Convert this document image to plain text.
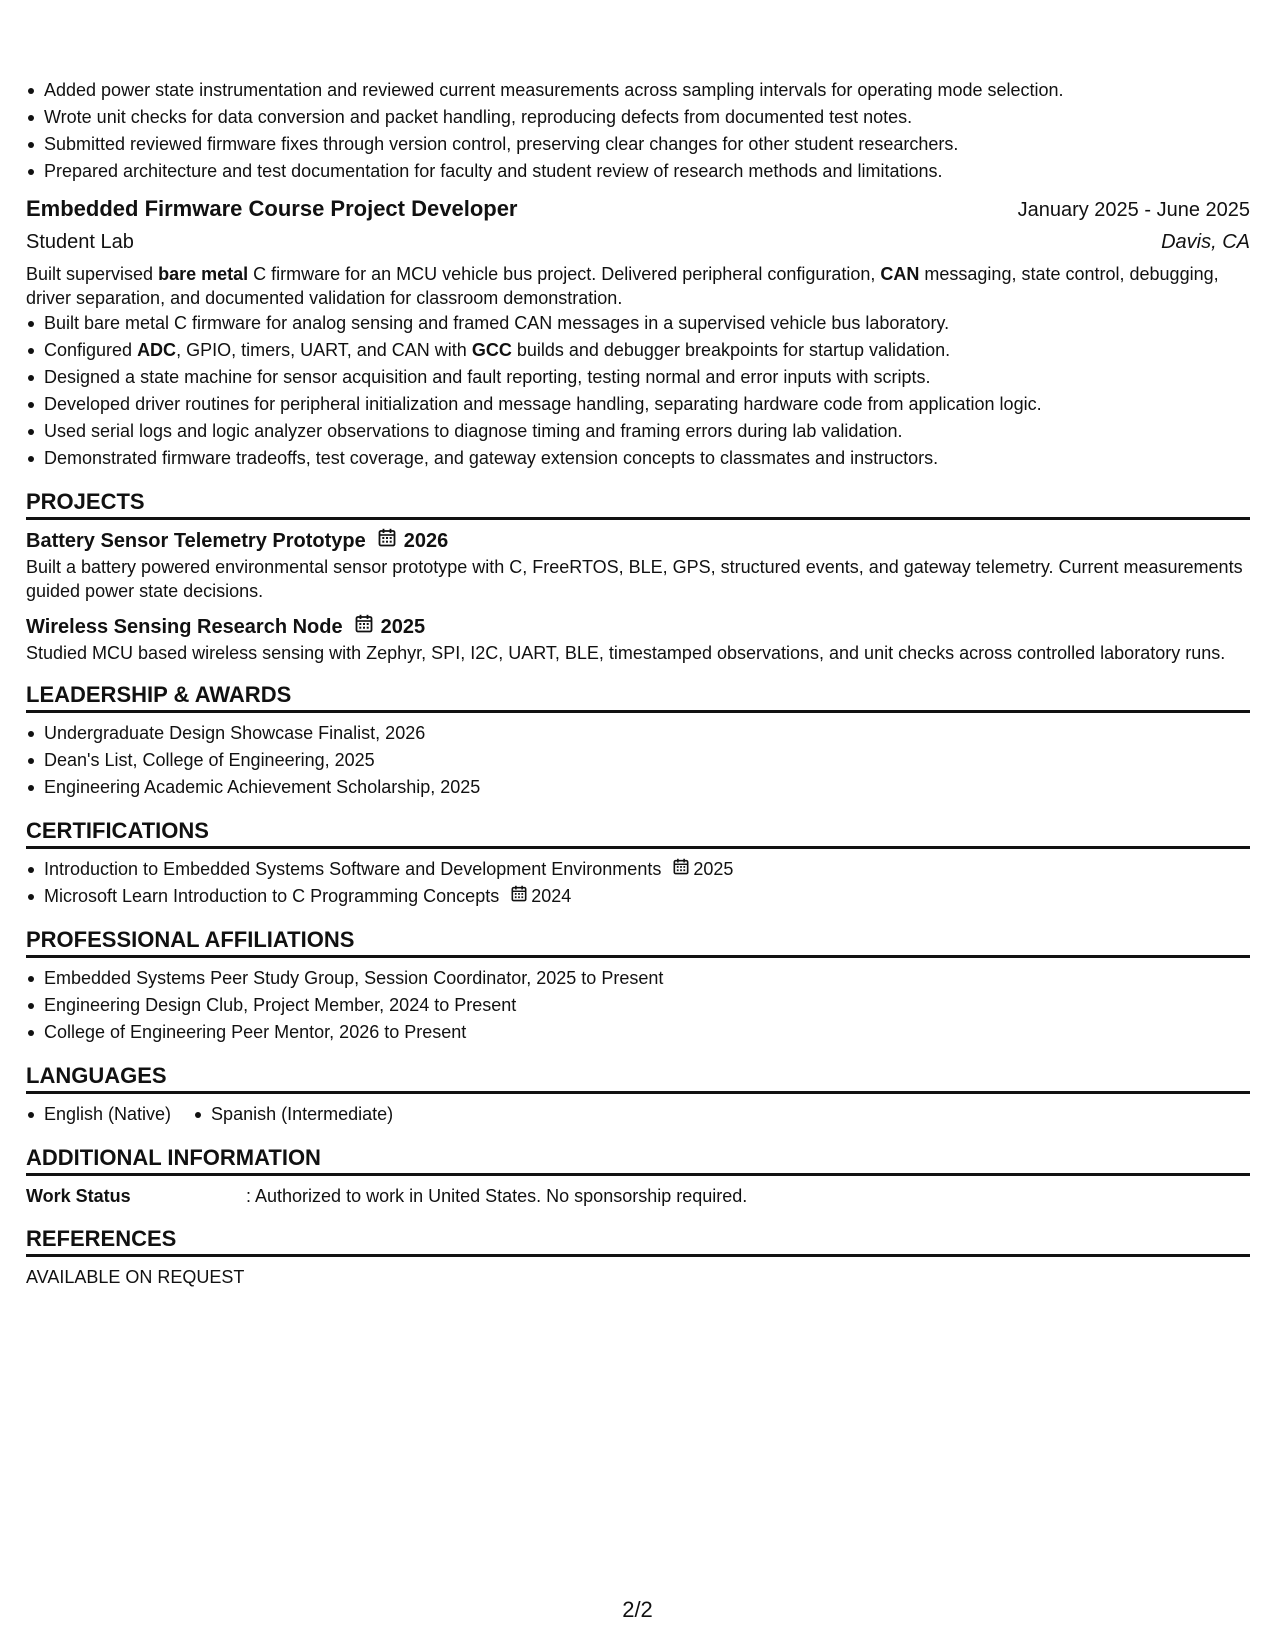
Added power state instrumentation and reviewed current measurements across sampling intervals for operating mode selection.
Wrote unit checks for data conversion and packet handling, reproducing defects from documented test notes.
Submitted reviewed firmware fixes through version control, preserving clear changes for other student researchers.
Prepared architecture and test documentation for faculty and student review of research methods and limitations.
Embedded Firmware Course Project Developer	January 2025 - June 2025
Student Lab	Davis, CA
Built supervised bare metal C firmware for an MCU vehicle bus project. Delivered peripheral configuration, CAN messaging, state control, debugging, driver separation, and documented validation for classroom demonstration.
Built bare metal C firmware for analog sensing and framed CAN messages in a supervised vehicle bus laboratory.
Configured ADC, GPIO, timers, UART, and CAN with GCC builds and debugger breakpoints for startup validation.
Designed a state machine for sensor acquisition and fault reporting, testing normal and error inputs with scripts.
Developed driver routines for peripheral initialization and message handling, separating hardware code from application logic.
Used serial logs and logic analyzer observations to diagnose timing and framing errors during lab validation.
Demonstrated firmware tradeoffs, test coverage, and gateway extension concepts to classmates and instructors.
PROJECTS
Battery Sensor Telemetry Prototype 2026
Built a battery powered environmental sensor prototype with C, FreeRTOS, BLE, GPS, structured events, and gateway telemetry. Current measurements guided power state decisions.
Wireless Sensing Research Node 2025
Studied MCU based wireless sensing with Zephyr, SPI, I2C, UART, BLE, timestamped observations, and unit checks across controlled laboratory runs.
LEADERSHIP & AWARDS
Undergraduate Design Showcase Finalist, 2026
Dean's List, College of Engineering, 2025
Engineering Academic Achievement Scholarship, 2025
CERTIFICATIONS
Introduction to Embedded Systems Software and Development Environments 2025
Microsoft Learn Introduction to C Programming Concepts 2024
PROFESSIONAL AFFILIATIONS
Embedded Systems Peer Study Group, Session Coordinator, 2025 to Present
Engineering Design Club, Project Member, 2024 to Present
College of Engineering Peer Mentor, 2026 to Present
LANGUAGES
English (Native)	Spanish (Intermediate)
ADDITIONAL INFORMATION
Work Status	: Authorized to work in United States. No sponsorship required.
REFERENCES
AVAILABLE ON REQUEST
2/2
